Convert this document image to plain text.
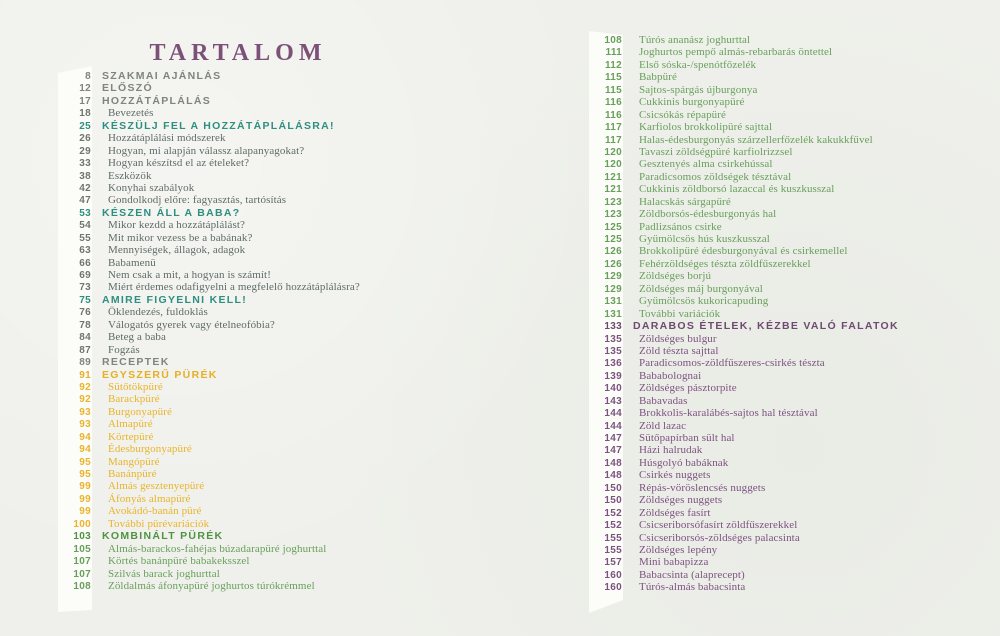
TARTALOM
8 SZAKMAI AJÁNLÁS
12 ELŐSZÓ
17 HOZZÁTÁPLÁLÁS
18 Bevezetés
25 KÉSZÜLJ FEL A HOZZÁTÁPLÁLÁSRA!
26 Hozzátáplálási módszerek
29 Hogyan, mi alapján válassz alapanyagokat?
33 Hogyan készítsd el az ételeket?
38 Eszközök
42 Konyhai szabályok
47 Gondolkodj előre: fagyasztás, tartósítás
53 KÉSZEN ÁLL A BABA?
54 Mikor kezdd a hozzátáplálást?
55 Mit mikor vezess be a babának?
63 Mennyiségek, állagok, adagok
66 Babamenü
69 Nem csak a mit, a hogyan is számít!
73 Miért érdemes odafigyelni a megfelelő hozzátáplálásra?
75 AMIRE FIGYELNI KELL!
76 Öklendezés, fuldoklás
78 Válogatós gyerek vagy ételneofóbia?
84 Beteg a baba
87 Fogzás
89 RECEPTEK
91 EGYSZERŰ PÜRÉK
92 Sütőtökpüré
92 Barackpüré
93 Burgonyapüré
93 Almapüré
94 Körtepüré
94 Édesburgonyapüré
95 Mangópüré
95 Banánpüré
99 Almás gesztenyepüré
99 Áfonyás almapüré
99 Avokádó-banán püré
100 További pürévariációk
103 KOMBINÁLT PÜRÉK
105 Almás-barackos-fahéjas búzadarapüré joghurttal
107 Körtés banánpüré babakeksszel
107 Szilvás barack joghurttal
108 Zöldalmás áfonyapüré joghurtos túrókrémmel
108 Túrós ananász joghurttal
111 Joghurtos pempő almás-rebarbarás öntettel
112 Első sóska-/spenótfőzelék
115 Babpüré
115 Sajtos-spárgás újburgonya
116 Cukkinis burgonyapüré
116 Csicsókás répapüré
117 Karfiolos brokkolipüré sajttal
117 Halas-édesburgonyás szárzellerfőzelék kakukkfűvel
120 Tavaszi zöldségpüré karfiolrizzsel
120 Gesztenyés alma csirkehússal
121 Paradicsomos zöldségek tésztával
121 Cukkinis zöldborsó lazaccal és kuszkusszal
123 Halacskás sárgapüré
123 Zöldborsós-édesburgonyás hal
125 Padlizsános csirke
125 Gyümölcsös hús kuszkusszal
126 Brokkolipüré édesburgonyával és csirkemellel
126 Fehérzöldséges tészta zöldfűszerekkel
129 Zöldséges borjú
129 Zöldséges máj burgonyával
131 Gyümölcsös kukoricapuding
131 További variációk
133 DARABOS ÉTELEK, KÉZBE VALÓ FALATOK
135 Zöldséges bulgur
135 Zöld tészta sajttal
136 Paradicsomos-zöldfűszeres-csirkés tészta
139 Bababolognai
140 Zöldséges pásztorpite
143 Babavadas
144 Brokkolis-karalábés-sajtos hal tésztával
144 Zöld lazac
147 Sütőpapírban sült hal
147 Házi halrudak
148 Húsgolyó babáknak
148 Csirkés nuggets
150 Répás-vöröslencsés nuggets
150 Zöldséges nuggets
152 Zöldséges fasírt
152 Csicseriborsófasírt zöldfűszerekkel
155 Csicseriborsós-zöldséges palacsinta
155 Zöldséges lepény
157 Mini babapizza
160 Babacsinta (alaprecept)
160 Túrós-almás babacsinta
